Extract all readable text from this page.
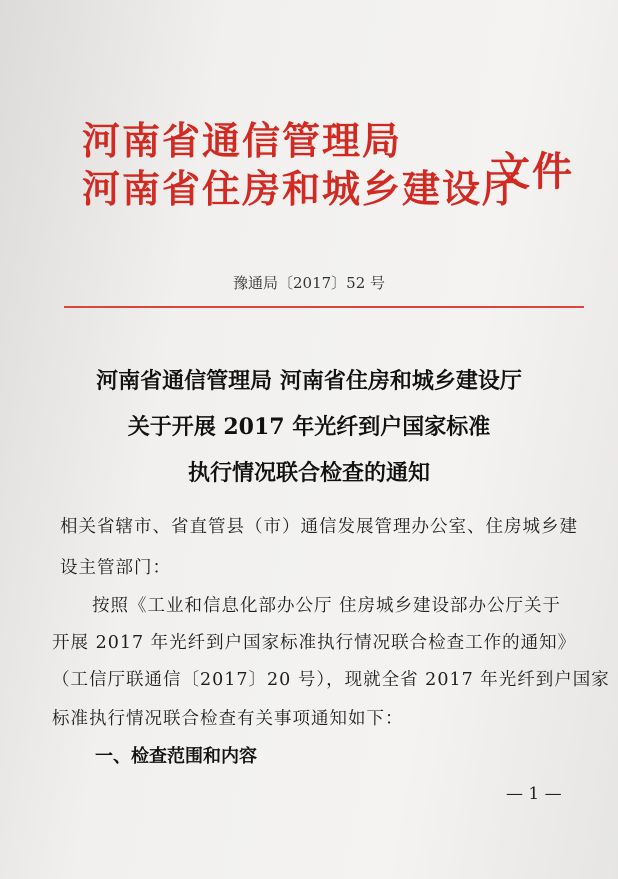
河南省通信管理局
河南省住房和城乡建设厅
文件
豫通局〔2017〕52 号
河南省通信管理局 河南省住房和城乡建设厅
关于开展 2017 年光纤到户国家标准
执行情况联合检查的通知
相关省辖市、省直管县（市）通信发展管理办公室、住房城乡建
设主管部门：
按照《工业和信息化部办公厅 住房城乡建设部办公厅关于
开展 2017 年光纤到户国家标准执行情况联合检查工作的通知》
（工信厅联通信〔2017〕20 号），现就全省 2017 年光纤到户国家
标准执行情况联合检查有关事项通知如下：
一、检查范围和内容
— 1 —
